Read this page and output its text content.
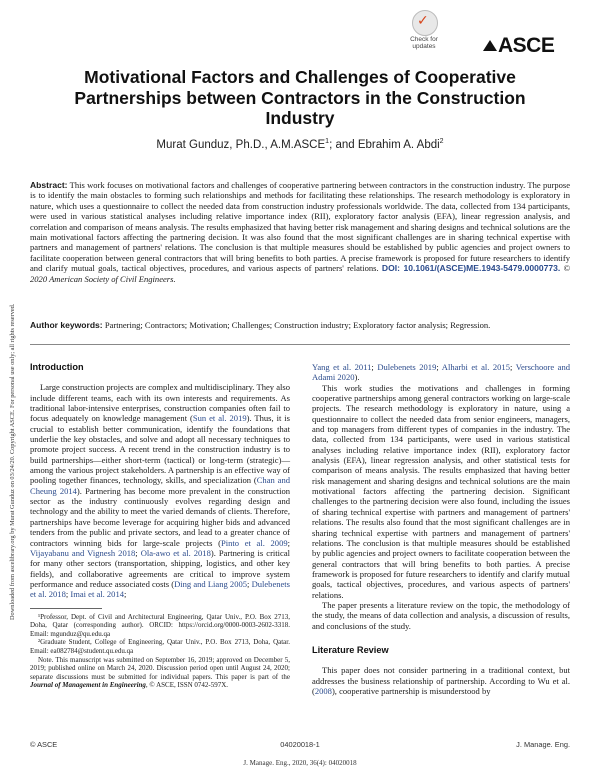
Downloaded from ascelibrary.org by Murat Gunduz on 03/24/20. Copyright ASCE. For personal use only; all rights reserved.
✓
Check for
updates	ASCE
Motivational Factors and Challenges of Cooperative Partnerships between Contractors in the Construction Industry
Murat Gunduz, Ph.D., A.M.ASCE$^1$; and Ebrahim A. Abdi$^2$
Abstract: This work focuses on motivational factors and challenges of cooperative partnering between contractors in the construction industry. The purpose is to identify the main obstacles to forming such relationships and methods for facilitating these relationships. The research methodology is exploratory in nature, which uses a questionnaire to collect the needed data from construction industry professionals worldwide. The data, collected from 134 participants, were used in various statistical analyses including relative importance index (RII), exploratory factor analysis (EFA), linear regression analysis, and correlation and comparison of means analysis. The results emphasized that having better risk management and sharing designs and technical solutions are the main motivational factors affecting the partnering decision. It was also found that the most significant challenges are in sharing technical expertise with partners and management of partners' relations. The conclusion is that multiple measures should be established by public agencies and project owners to facilitate cooperation between general contractors that will bring benefits to both parties. A precise framework is proposed for future researchers to identify and clarify mutual goals, tactical objectives, procedures, and various aspects of partners' relations. DOI: 10.1061/(ASCE)ME.1943-5479.0000773. © 2020 American Society of Civil Engineers.
Author keywords: Partnering; Contractors; Motivation; Challenges; Construction industry; Exploratory factor analysis; Regression.
Introduction

Large construction projects are complex and multidisciplinary. They also include different teams, each with its own interests and requirements. As traditional labor-intensive enterprises, construction companies often fail to focus adequately on knowledge management (Sun et al. 2019). Thus, it is crucial to establish better communication, identify the foundations that underlie the key obstacles, and solve and adopt all necessary techniques to promote project success. A recent trend in the construction industry is to build partnerships—either short-term (tactical) or long-term (strategic)—among the various project stakeholders. A partnership is an effective way of pooling together finances, technology, skills, and specialization (Chan and Cheung 2014). Partnering has become more prevalent in the construction sector as the industry continuously evolves regarding design and technology and the ability to meet the varied demands of clients. Therefore, partnerships have become leverage for acquiring higher bids and advanced tenders from the public and private sectors, and lead to a greater chance of contractors winning bids for large-scale projects (Pinto et al. 2009; Vijayabanu and Vignesh 2018; Ola-awo et al. 2018). Partnering is critical for many other sectors (transportation, shipping, logistics, and other key fields), and collaborative agreements are critical to improve system performance and reduce associated costs (Ding and Liang 2005; Dulebenets et al. 2018; Imai et al. 2014;

¹Professor, Dept. of Civil and Architectural Engineering, Qatar Univ., P.O. Box 2713, Doha, Qatar (corresponding author). ORCID: https://orcid.org/0000-0003-2602-3318. Email: mgunduz@qu.edu.qa

²Graduate Student, College of Engineering, Qatar Univ., P.O. Box 2713, Doha, Qatar. Email: ea082784@student.qu.edu.qa

Note. This manuscript was submitted on September 16, 2019; approved on December 5, 2019; published online on March 24, 2020. Discussion period open until August 24, 2020; separate discussions must be submitted for individual papers. This paper is part of the Journal of Management in Engineering, © ASCE, ISSN 0742-597X.

Yang et al. 2011; Dulebenets 2019; Alharbi et al. 2015; Verschoore and Adami 2020).

This work studies the motivations and challenges in forming cooperative partnerships among general contractors working on large-scale projects. The research methodology is exploratory in nature, using a questionnaire to collect the needed data from senior engineers, managers, and top managers from different types of companies in the industry. The data, collected from 134 participants, were used in various statistical analyses including relative importance index (RII), exploratory factor analysis (EFA), linear regression analysis, and other statistical tests for comparison of means analysis. The results emphasized that having better risk management and sharing designs and technical solutions are the main motivational factors affecting the partnering decision. Significant challenges to the partnering decision were also found, including the issues of sharing technical expertise with partners and management of partners' relations. The results also found that the most significant challenges are in sharing technical expertise with partners and management of partners' relations. The conclusion is that multiple measures should be established by public agencies and project owners to facilitate cooperation between the general contractors that will bring benefits to both parties. A precise framework is proposed for future researchers to identify and clarify mutual goals, tactical objectives, procedures, and various aspects of partners' relations.

The paper presents a literature review on the topic, the methodology of the study, the means of data collection and analysis, a discussion of results, and conclusions of the study.

Literature Review

This paper does not consider partnering in a traditional context, but addresses the business relationship of partnership. According to Wu et al. (2008), cooperative partnership is misunderstood by

© ASCE	04020018-1	J. Manage. Eng.
J. Manage. Eng., 2020, 36(4): 04020018
